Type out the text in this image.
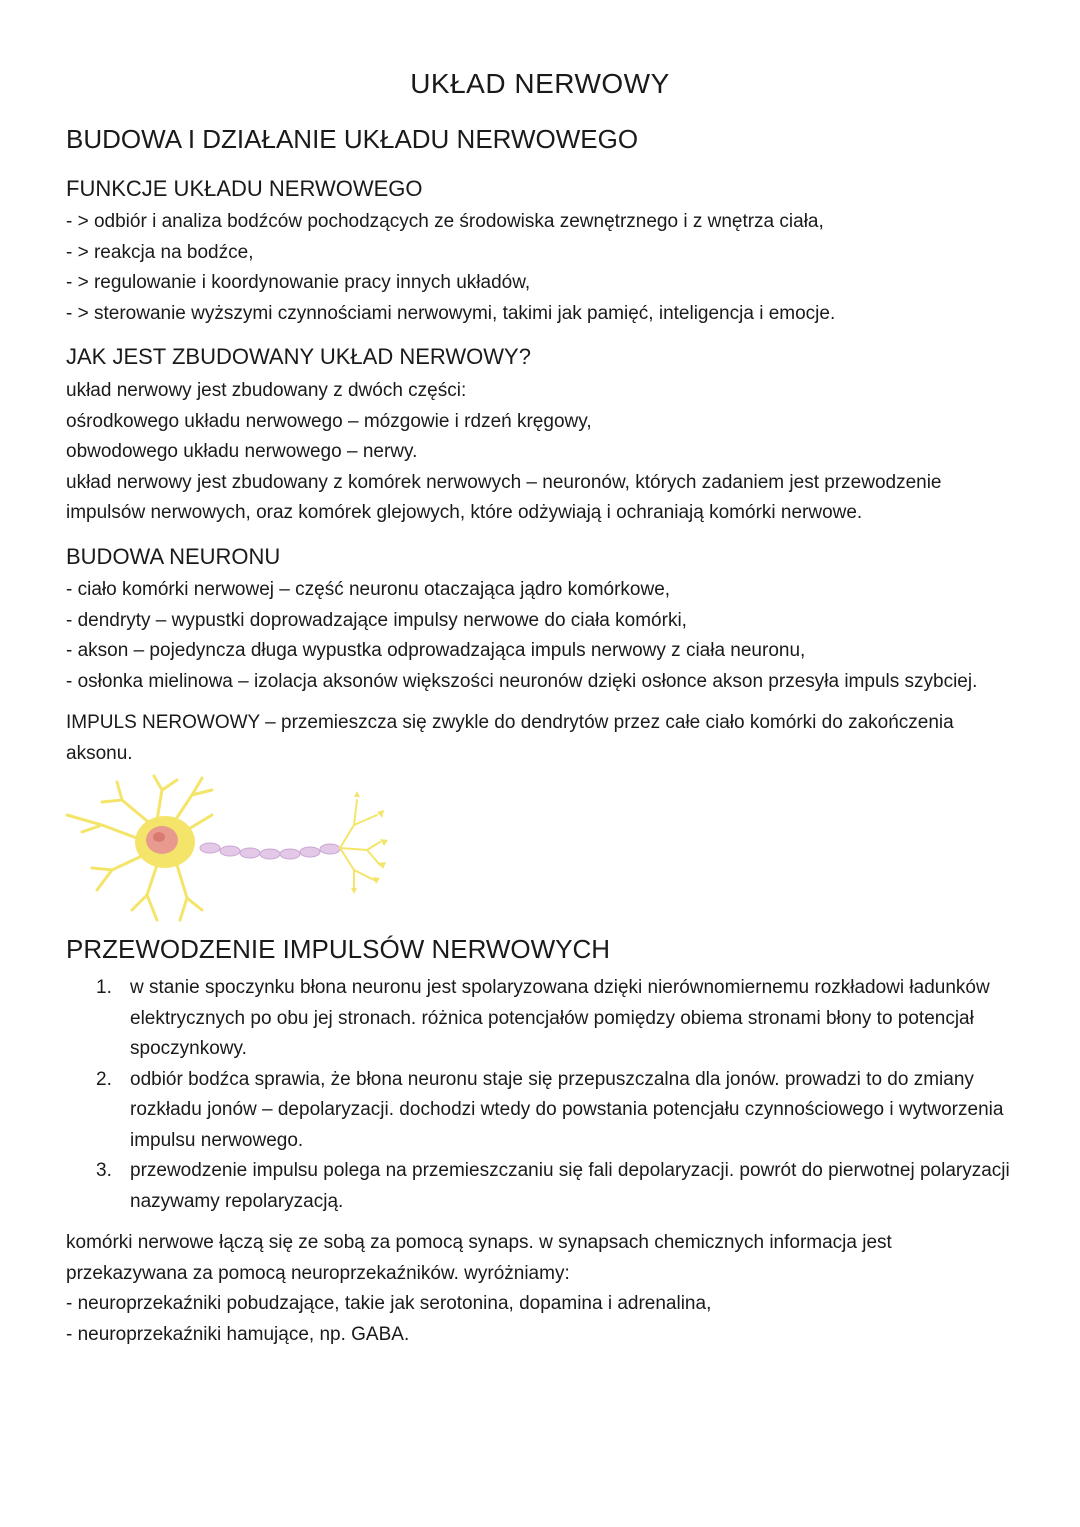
UKŁAD NERWOWY
BUDOWA I DZIAŁANIE UKŁADU NERWOWEGO
FUNKCJE UKŁADU NERWOWEGO
- > odbiór i analiza bodźców pochodzących ze środowiska zewnętrznego i z wnętrza ciała,
- > reakcja na bodźce,
- > regulowanie i koordynowanie pracy innych układów,
- > sterowanie wyższymi czynnościami nerwowymi, takimi jak pamięć, inteligencja i emocje.
JAK JEST ZBUDOWANY UKŁAD NERWOWY?
układ nerwowy jest zbudowany z dwóch części:
ośrodkowego układu nerwowego – mózgowie i rdzeń kręgowy,
obwodowego układu nerwowego – nerwy.
układ nerwowy jest zbudowany z komórek nerwowych – neuronów, których zadaniem jest przewodzenie impulsów nerwowych, oraz komórek glejowych, które odżywiają i ochraniają komórki nerwowe.
BUDOWA NEURONU
- ciało komórki nerwowej – część neuronu otaczająca jądro komórkowe,
- dendryty – wypustki doprowadzające impulsy nerwowe do ciała komórki,
- akson – pojedyncza długa wypustka odprowadzająca impuls nerwowy z ciała neuronu,
- osłonka mielinowa – izolacja aksonów większości neuronów dzięki osłonce akson przesyła impuls szybciej.
IMPULS NEROWOWY – przemieszcza się zwykle do dendrytów przez całe ciało komórki do zakończenia aksonu.
PRZEWODZENIE IMPULSÓW NERWOWYCH
1. w stanie spoczynku błona neuronu jest spolaryzowana dzięki nierównomiernemu rozkładowi ładunków elektrycznych po obu jej stronach. różnica potencjałów pomiędzy obiema stronami błony to potencjał spoczynkowy.
2. odbiór bodźca sprawia, że błona neuronu staje się przepuszczalna dla jonów. prowadzi to do zmiany rozkładu jonów – depolaryzacji. dochodzi wtedy do powstania potencjału czynnościowego i wytworzenia impulsu nerwowego.
3. przewodzenie impulsu polega na przemieszczaniu się fali depolaryzacji. powrót do pierwotnej polaryzacji nazywamy repolaryzacją.
komórki nerwowe łączą się ze sobą za pomocą synaps. w synapsach chemicznych informacja jest
przekazywana za pomocą neuroprzekaźników. wyróżniamy:
- neuroprzekaźniki pobudzające, takie jak serotonina, dopamina i adrenalina,
- neuroprzekaźniki hamujące, np. GABA.
